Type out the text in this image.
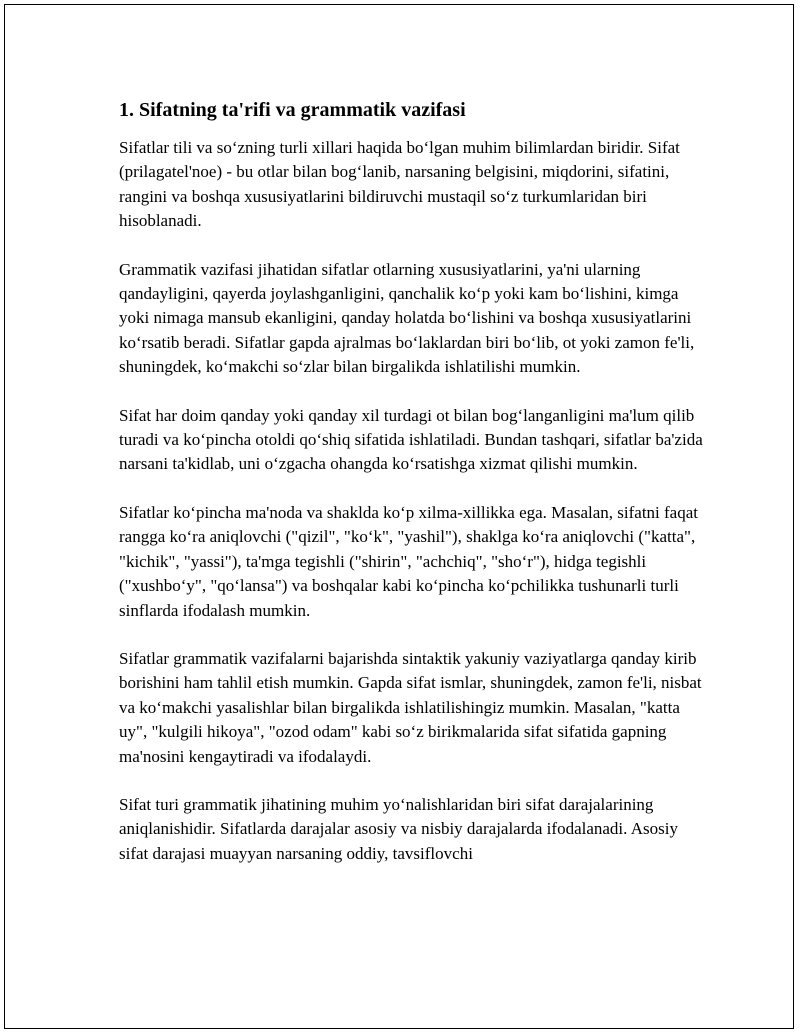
1. Sifatning ta'rifi va grammatik vazifasi

Sifatlar tili va so‘zning turli xillari haqida bo‘lgan muhim bilimlardan biridir. Sifat (prilagatel'noe) - bu otlar bilan bog‘lanib, narsaning belgisini, miqdorini, sifatini, rangini va boshqa xususiyatlarini bildiruvchi mustaqil so‘z turkumlaridan biri hisoblanadi.

Grammatik vazifasi jihatidan sifatlar otlarning xususiyatlarini, ya'ni ularning qandayligini, qayerda joylashganligini, qanchalik ko‘p yoki kam bo‘lishini, kimga yoki nimaga mansub ekanligini, qanday holatda bo‘lishini va boshqa xususiyatlarini ko‘rsatib beradi. Sifatlar gapda ajralmas bo‘laklardan biri bo‘lib, ot yoki zamon fe'li, shuningdek, ko‘makchi so‘zlar bilan birgalikda ishlatilishi mumkin.

Sifat har doim qanday yoki qanday xil turdagi ot bilan bog‘langanligini ma'lum qilib turadi va ko‘pincha otoldi qo‘shiq sifatida ishlatiladi. Bundan tashqari, sifatlar ba'zida narsani ta'kidlab, uni o‘zgacha ohangda ko‘rsatishga xizmat qilishi mumkin.

Sifatlar ko‘pincha ma'noda va shaklda ko‘p xilma-xillikka ega. Masalan, sifatni faqat rangga ko‘ra aniqlovchi ("qizil", "ko‘k", "yashil"), shaklga ko‘ra aniqlovchi ("katta", "kichik", "yassi"), ta'mga tegishli ("shirin", "achchiq", "sho‘r"), hidga tegishli ("xushbo‘y", "qo‘lansa") va boshqalar kabi ko‘pincha ko‘pchilikka tushunarli turli sinflarda ifodalash mumkin.

Sifatlar grammatik vazifalarni bajarishda sintaktik yakuniy vaziyatlarga qanday kirib borishini ham tahlil etish mumkin. Gapda sifat ismlar, shuningdek, zamon fe'li, nisbat va ko‘makchi yasalishlar bilan birgalikda ishlatilishingiz mumkin. Masalan, "katta uy", "kulgili hikoya", "ozod odam" kabi so‘z birikmalarida sifat sifatida gapning ma'nosini kengaytiradi va ifodalaydi.

Sifat turi grammatik jihatining muhim yo‘nalishlaridan biri sifat darajalarining aniqlanishidir. Sifatlarda darajalar asosiy va nisbiy darajalarda ifodalanadi. Asosiy sifat darajasi muayyan narsaning oddiy, tavsiflovchi
